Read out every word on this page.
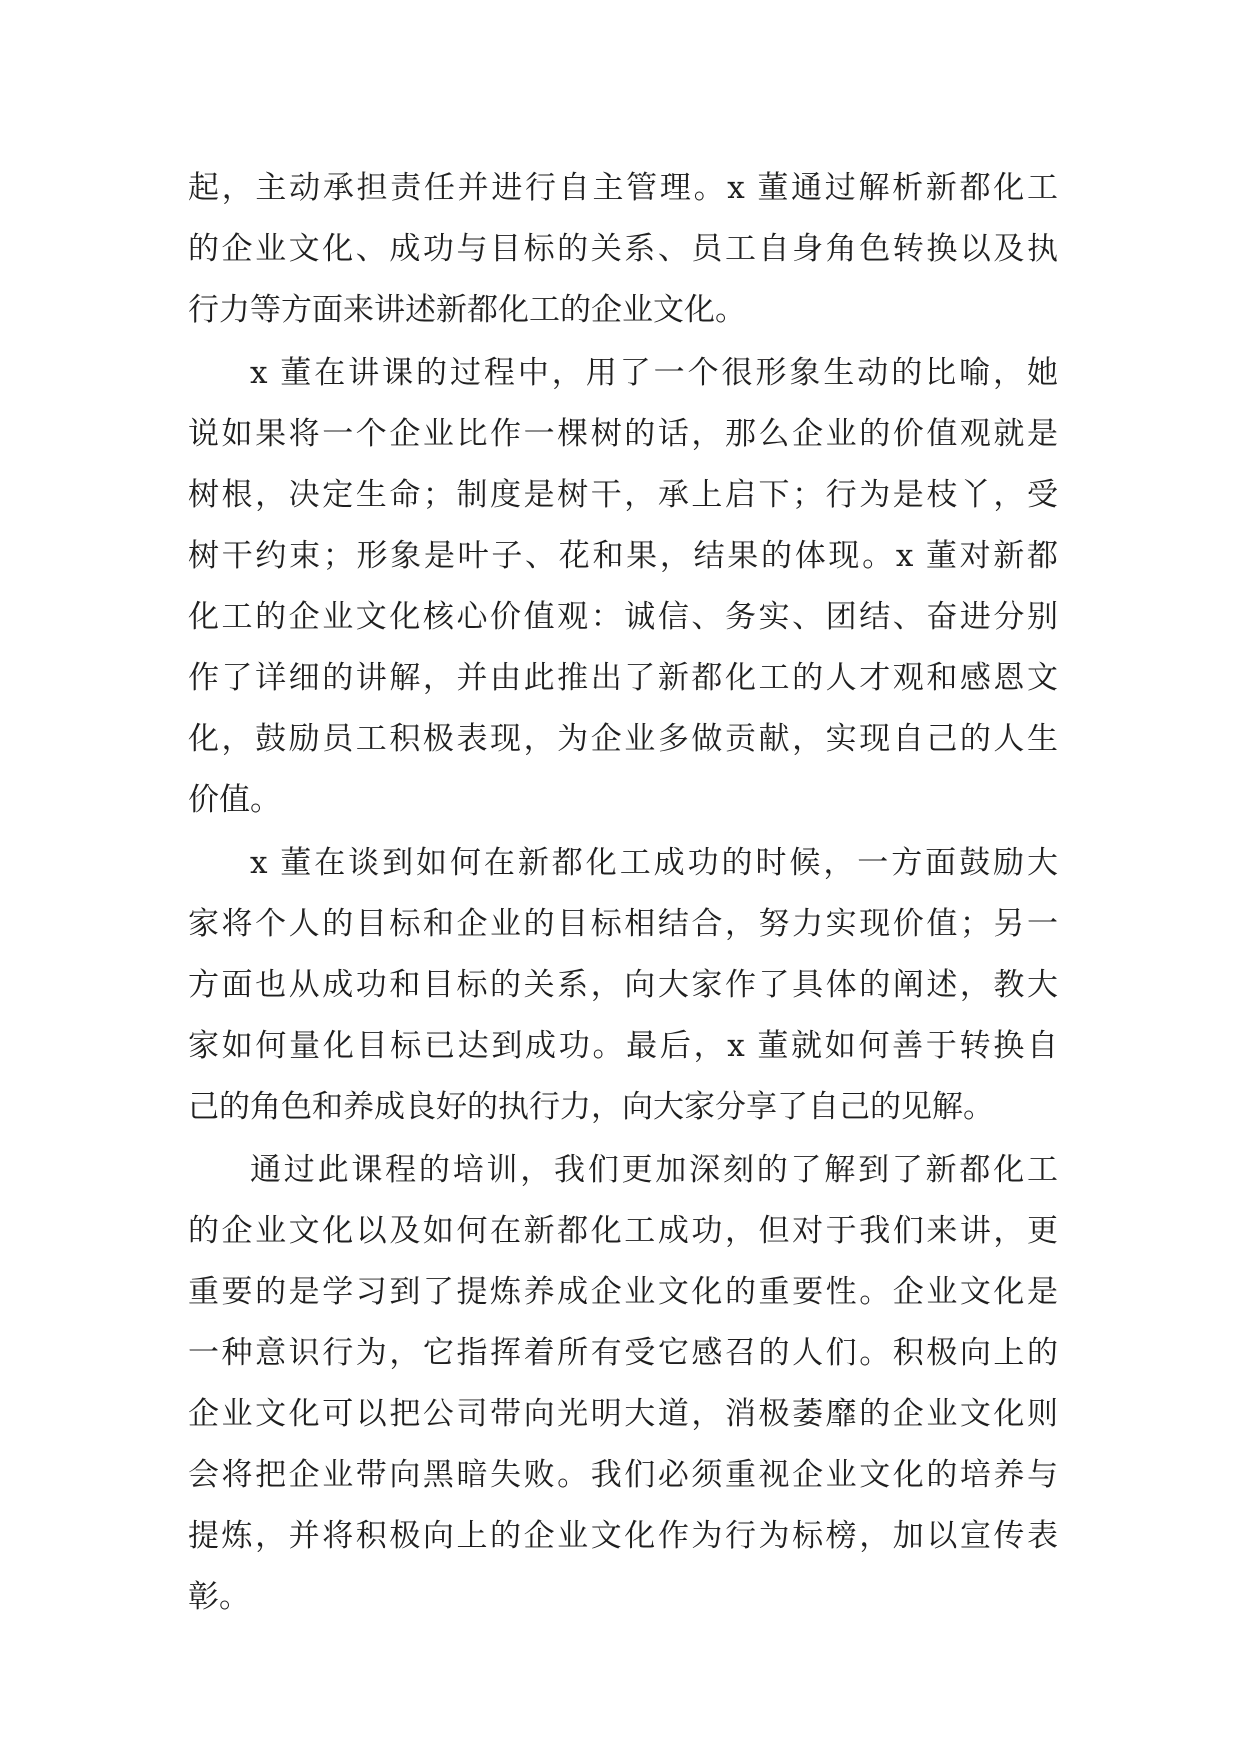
起，主动承担责任并进行自主管理。x 董通过解析新都化工
的企业文化、成功与目标的关系、员工自身角色转换以及执
行力等方面来讲述新都化工的企业文化。
x 董在讲课的过程中，用了一个很形象生动的比喻，她
说如果将一个企业比作一棵树的话，那么企业的价值观就是
树根，决定生命；制度是树干，承上启下；行为是枝丫，受
树干约束；形象是叶子、花和果，结果的体现。x 董对新都
化工的企业文化核心价值观：诚信、务实、团结、奋进分别
作了详细的讲解，并由此推出了新都化工的人才观和感恩文
化，鼓励员工积极表现，为企业多做贡献，实现自己的人生
价值。
x 董在谈到如何在新都化工成功的时候，一方面鼓励大
家将个人的目标和企业的目标相结合，努力实现价值；另一
方面也从成功和目标的关系，向大家作了具体的阐述，教大
家如何量化目标已达到成功。最后，x 董就如何善于转换自
己的角色和养成良好的执行力，向大家分享了自己的见解。
通过此课程的培训，我们更加深刻的了解到了新都化工
的企业文化以及如何在新都化工成功，但对于我们来讲，更
重要的是学习到了提炼养成企业文化的重要性。企业文化是
一种意识行为，它指挥着所有受它感召的人们。积极向上的
企业文化可以把公司带向光明大道，消极萎靡的企业文化则
会将把企业带向黑暗失败。我们必须重视企业文化的培养与
提炼，并将积极向上的企业文化作为行为标榜，加以宣传表
彰。
